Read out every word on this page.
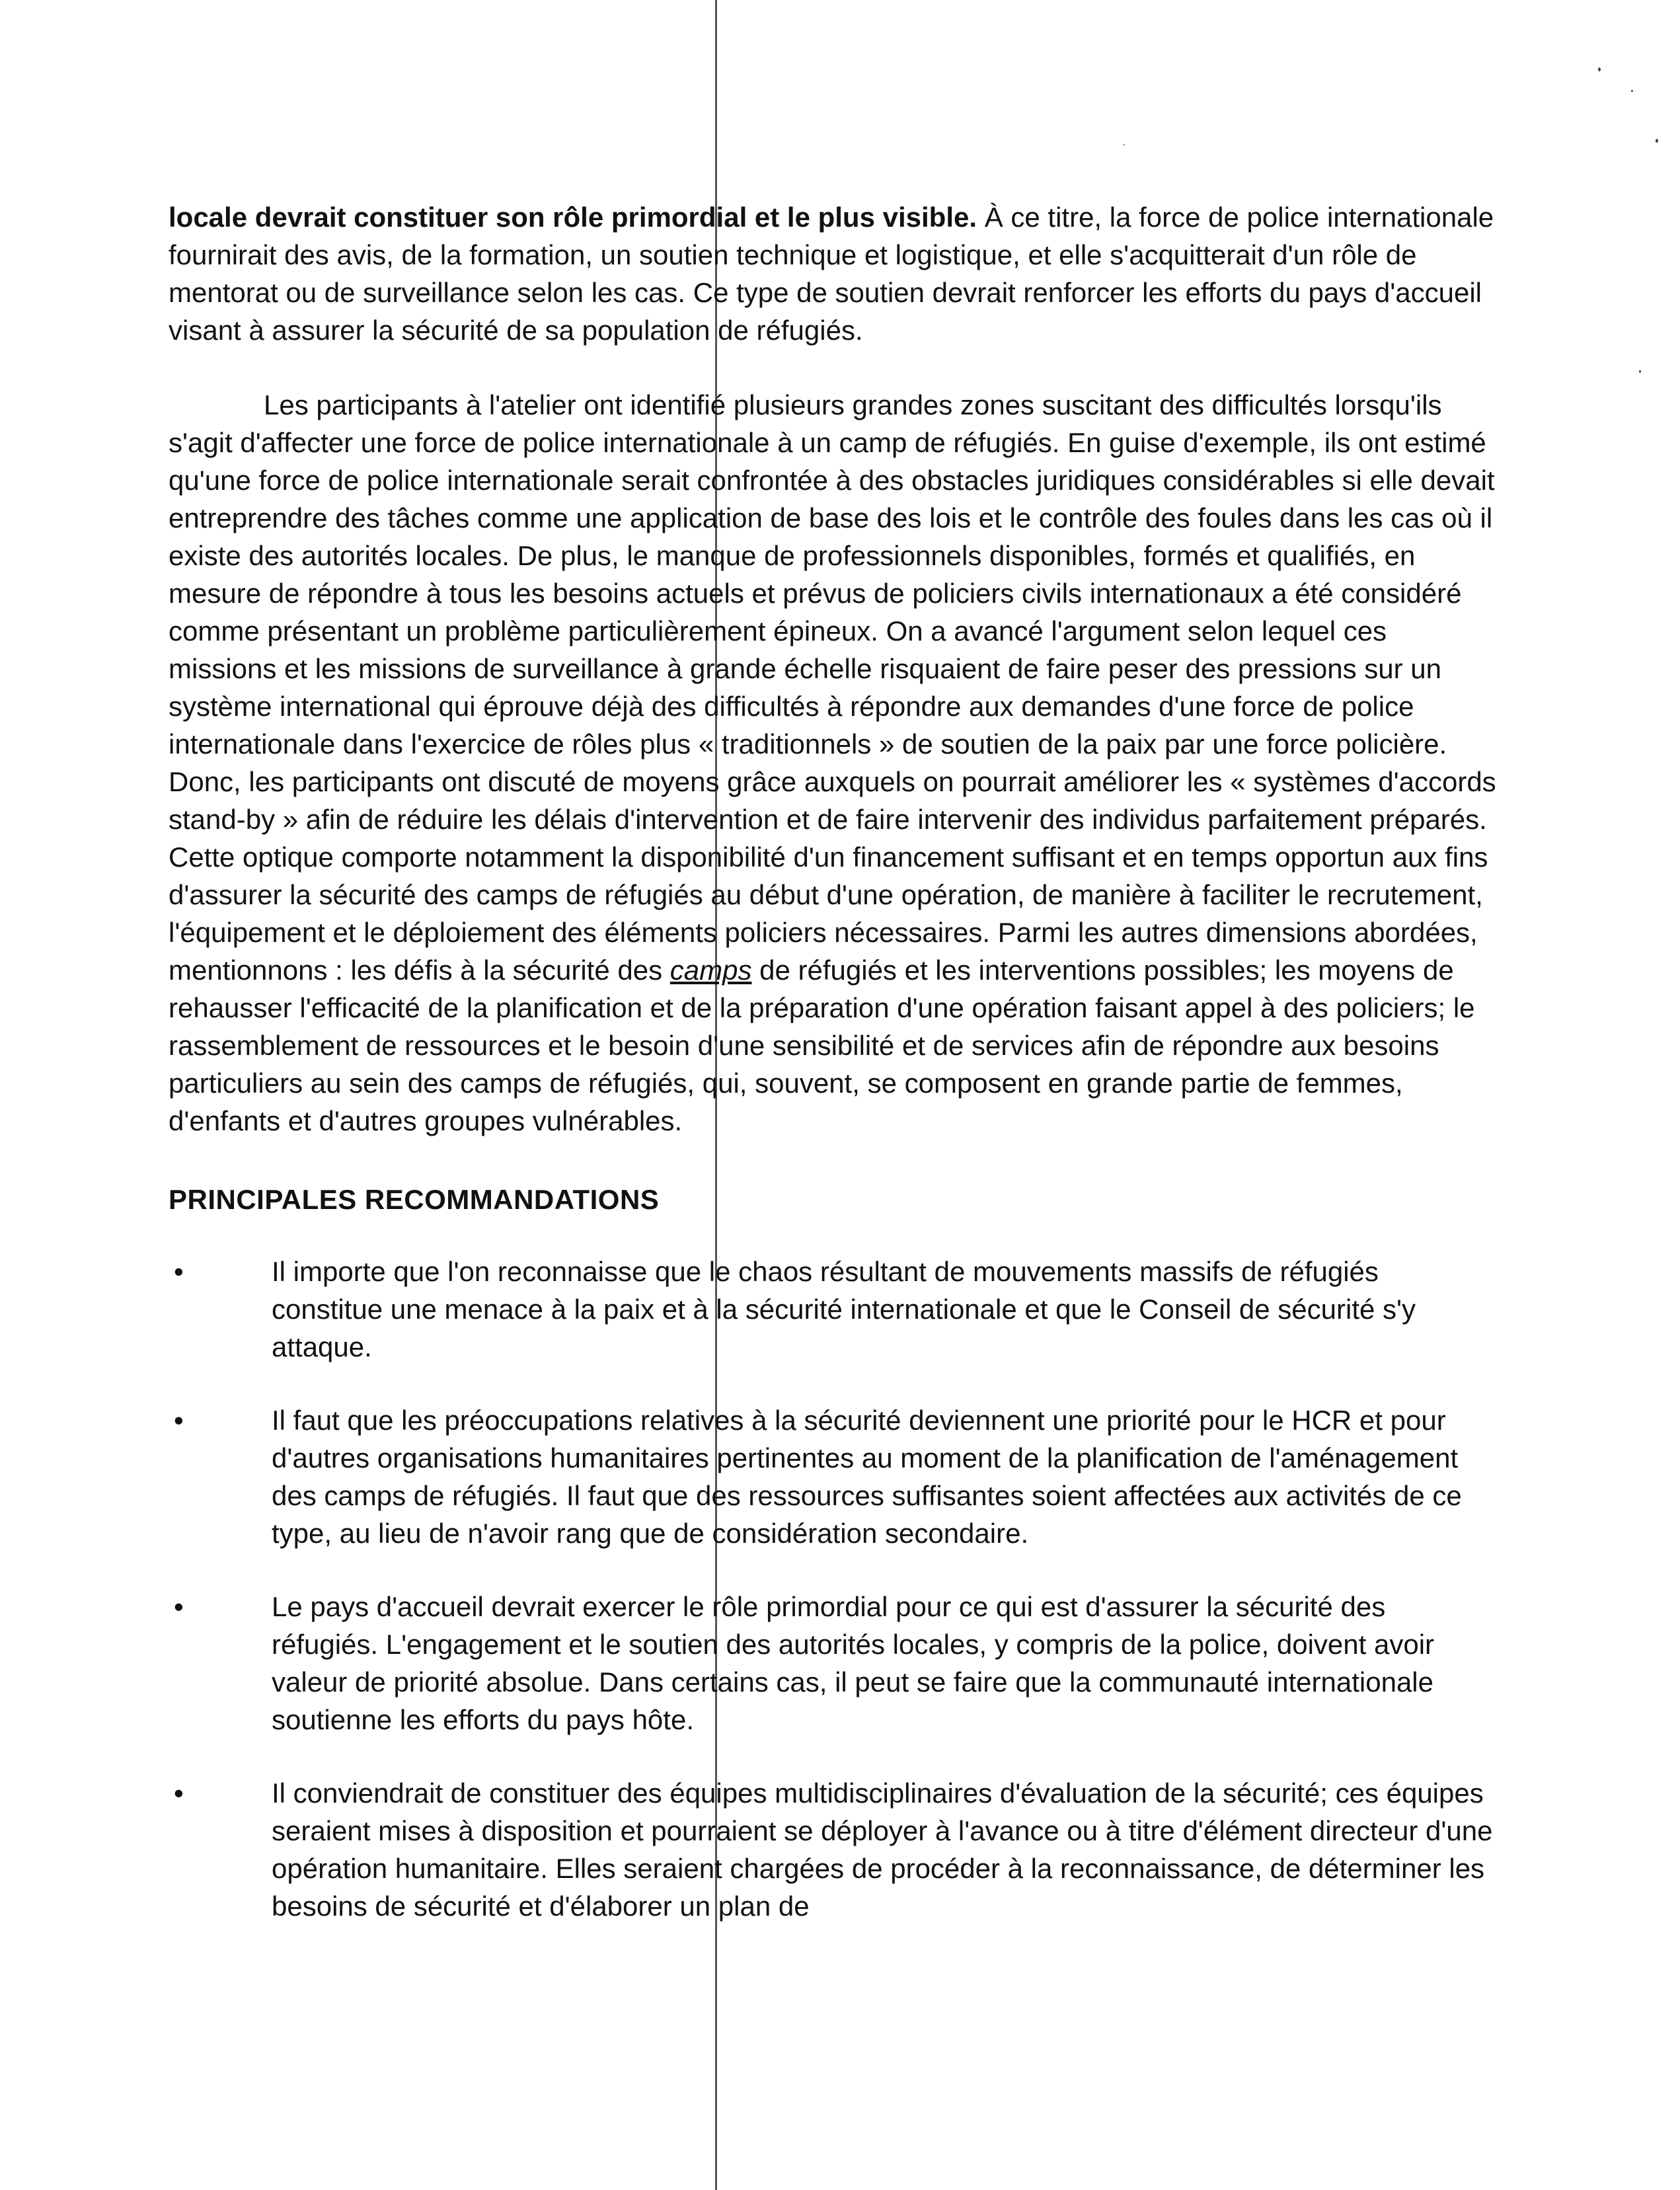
locale devrait constituer son rôle primordial et le plus visible. À ce titre, la force de police internationale fournirait des avis, de la formation, un soutien technique et logistique, et elle s'acquitterait d'un rôle de mentorat ou de surveillance selon les cas. Ce type de soutien devrait renforcer les efforts du pays d'accueil visant à assurer la sécurité de sa population de réfugiés.

Les participants à l'atelier ont identifié plusieurs grandes zones suscitant des difficultés lorsqu'ils s'agit d'affecter une force de police internationale à un camp de réfugiés. En guise d'exemple, ils ont estimé qu'une force de police internationale serait confrontée à des obstacles juridiques considérables si elle devait entreprendre des tâches comme une application de base des lois et le contrôle des foules dans les cas où il existe des autorités locales. De plus, le manque de professionnels disponibles, formés et qualifiés, en mesure de répondre à tous les besoins actuels et prévus de policiers civils internationaux a été considéré comme présentant un problème particulièrement épineux. On a avancé l'argument selon lequel ces missions et les missions de surveillance à grande échelle risquaient de faire peser des pressions sur un système international qui éprouve déjà des difficultés à répondre aux demandes d'une force de police internationale dans l'exercice de rôles plus « traditionnels » de soutien de la paix par une force policière. Donc, les participants ont discuté de moyens grâce auxquels on pourrait améliorer les « systèmes d'accords stand-by » afin de réduire les délais d'intervention et de faire intervenir des individus parfaitement préparés. Cette optique comporte notamment la disponibilité d'un financement suffisant et en temps opportun aux fins d'assurer la sécurité des camps de réfugiés au début d'une opération, de manière à faciliter le recrutement, l'équipement et le déploiement des éléments policiers nécessaires. Parmi les autres dimensions abordées, mentionnons : les défis à la sécurité des camps de réfugiés et les interventions possibles; les moyens de rehausser l'efficacité de la planification et de la préparation d'une opération faisant appel à des policiers; le rassemblement de ressources et le besoin d'une sensibilité et de services afin de répondre aux besoins particuliers au sein des camps de réfugiés, qui, souvent, se composent en grande partie de femmes, d'enfants et d'autres groupes vulnérables.

PRINCIPALES RECOMMANDATIONS
•	Il importe que l'on reconnaisse que le chaos résultant de mouvements massifs de réfugiés constitue une menace à la paix et à la sécurité internationale et que le Conseil de sécurité s'y attaque.
•	Il faut que les préoccupations relatives à la sécurité deviennent une priorité pour le HCR et pour d'autres organisations humanitaires pertinentes au moment de la planification de l'aménagement des camps de réfugiés. Il faut que des ressources suffisantes soient affectées aux activités de ce type, au lieu de n'avoir rang que de considération secondaire.
•	Le pays d'accueil devrait exercer le rôle primordial pour ce qui est d'assurer la sécurité des réfugiés. L'engagement et le soutien des autorités locales, y compris de la police, doivent avoir valeur de priorité absolue. Dans certains cas, il peut se faire que la communauté internationale soutienne les efforts du pays hôte.
•	Il conviendrait de constituer des équipes multidisciplinaires d'évaluation de la sécurité; ces équipes seraient mises à disposition et pourraient se déployer à l'avance ou à titre d'élément directeur d'une opération humanitaire. Elles seraient chargées de procéder à la reconnaissance, de déterminer les besoins de sécurité et d'élaborer un plan de
